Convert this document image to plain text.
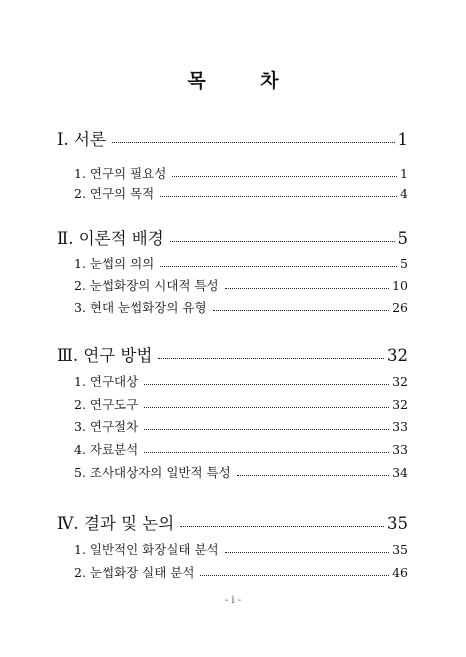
목 차
Ⅰ. 서론	1
1. 연구의 필요성	1
2. 연구의 목적	4
Ⅱ. 이론적 배경	5
1. 눈썹의 의의	5
2. 눈썹화장의 시대적 특성	10
3. 현대 눈썹화장의 유형	26
Ⅲ. 연구 방법	32
1. 연구대상	32
2. 연구도구	32
3. 연구절차	33
4. 자료분석	33
5. 조사대상자의 일반적 특성	34
Ⅳ. 결과 및 논의	35
1. 일반적인 화장실태 분석	35
2. 눈썹화장 실태 분석	46
- i -
